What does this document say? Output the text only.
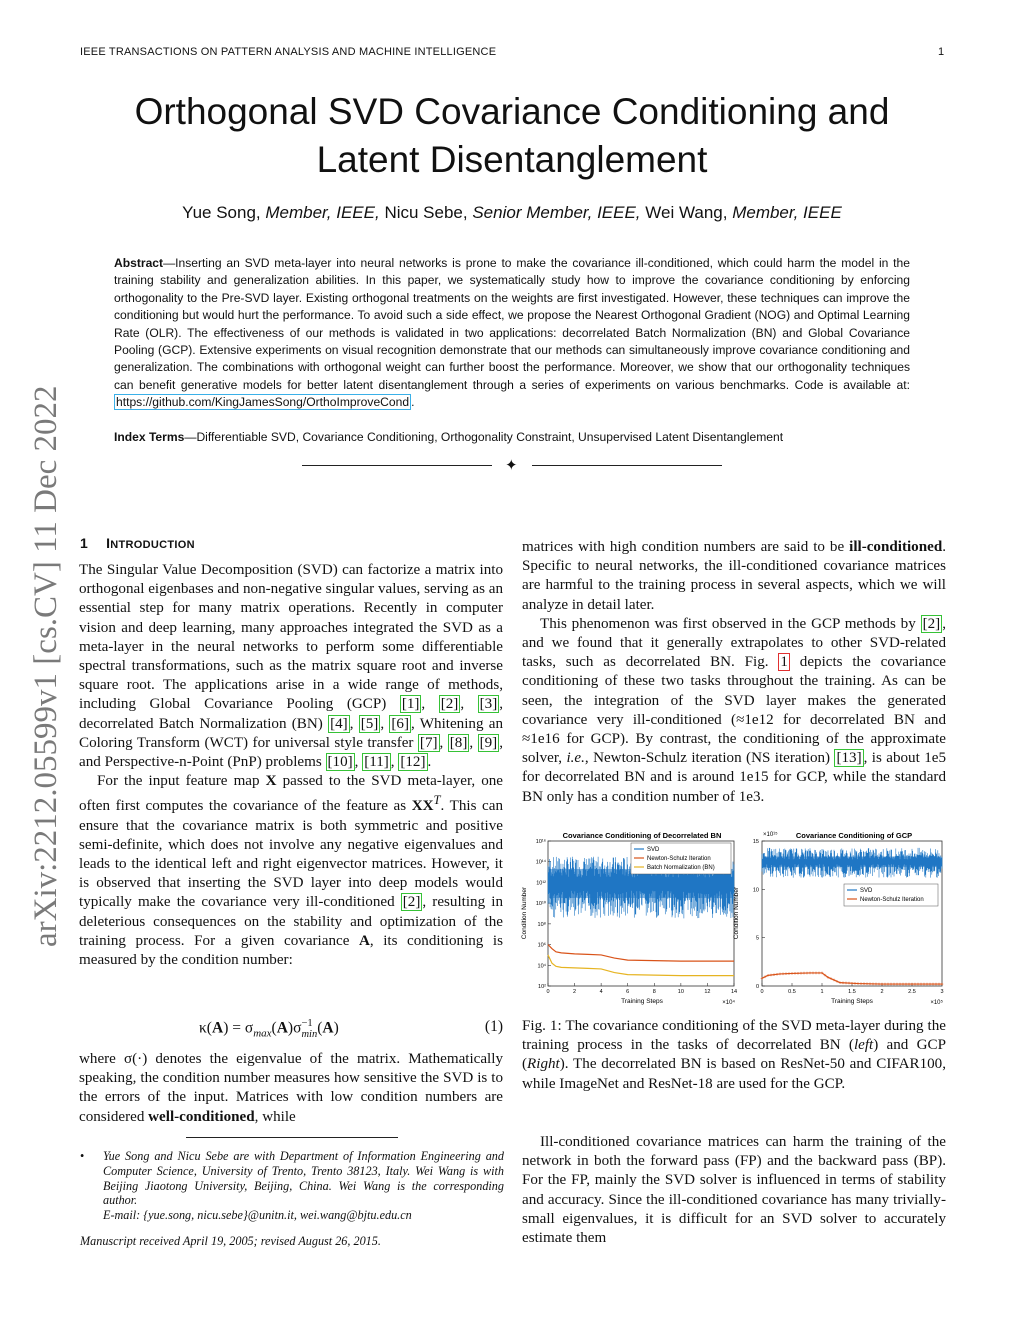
IEEE TRANSACTIONS ON PATTERN ANALYSIS AND MACHINE INTELLIGENCE	1
arXiv:2212.05599v1 [cs.CV] 11 Dec 2022
Orthogonal SVD Covariance Conditioning and
Latent Disentanglement
Yue Song, Member, IEEE, Nicu Sebe, Senior Member, IEEE, Wei Wang, Member, IEEE
Abstract—Inserting an SVD meta-layer into neural networks is prone to make the covariance ill-conditioned, which could harm the model in the training stability and generalization abilities. In this paper, we systematically study how to improve the covariance conditioning by enforcing orthogonality to the Pre-SVD layer. Existing orthogonal treatments on the weights are first investigated. However, these techniques can improve the conditioning but would hurt the performance. To avoid such a side effect, we propose the Nearest Orthogonal Gradient (NOG) and Optimal Learning Rate (OLR). The effectiveness of our methods is validated in two applications: decorrelated Batch Normalization (BN) and Global Covariance Pooling (GCP). Extensive experiments on visual recognition demonstrate that our methods can simultaneously improve covariance conditioning and generalization. The combinations with orthogonal weight can further boost the performance. Moreover, we show that our orthogonality techniques can benefit generative models for better latent disentanglement through a series of experiments on various benchmarks. Code is available at: https://github.com/KingJamesSong/OrthoImproveCond .
Index Terms—Differentiable SVD, Covariance Conditioning, Orthogonality Constraint, Unsupervised Latent Disentanglement
✦
1 INTRODUCTION

The Singular Value Decomposition (SVD) can factorize a matrix into orthogonal eigenbases and non-negative singular values, serving as an essential step for many matrix operations. Recently in computer vision and deep learning, many approaches integrated the SVD as a meta-layer in the neural networks to perform some differentiable spectral transformations, such as the matrix square root and inverse square root. The applications arise in a wide range of methods, including Global Covariance Pooling (GCP) [1] , [2] , [3] , decorrelated Batch Normalization (BN) [4] , [5] , [6] , Whitening an Coloring Transform (WCT) for universal style transfer [7] , [8] , [9] , and Perspective-n-Point (PnP) problems [10] , [11] , [12] .

For the input feature map X passed to the SVD meta-layer, one often first computes the covariance of the feature as $XX^T$. This can ensure that the covariance matrix is both symmetric and positive semi-definite, which does not involve any negative eigenvalues and leads to the identical left and right eigenvector matrices. However, it is observed that inserting the SVD layer into deep models would typically make the covariance very ill-conditioned [2] , resulting in deleterious consequences on the stability and optimization of the training process. For a given covariance A, its conditioning is measured by the condition number:

$\kappa(A) = \sigma_{max}(A)\sigma -1$
min (A)	(1)

where σ(·) denotes the eigenvalue of the matrix. Mathematically speaking, the condition number measures how sensitive the SVD is to the errors of the input. Matrices with low condition numbers are considered well-conditioned, while

• Yue Song and Nicu Sebe are with Department of Information Engineering and Computer Science, University of Trento, Trento 38123, Italy. Wei Wang is with Beijing Jiaotong University, Beijing, China. Wei Wang is the corresponding author.
E-mail: {yue.song, nicu.sebe}@unitn.it, wei.wang@bjtu.edu.cn
Manuscript received April 19, 2005; revised August 26, 2015.

matrices with high condition numbers are said to be ill-conditioned. Specific to neural networks, the ill-conditioned covariance matrices are harmful to the training process in several aspects, which we will analyze in detail later.

This phenomenon was first observed in the GCP methods by [2] , and we found that it generally extrapolates to other SVD-related tasks, such as decorrelated BN. Fig. 1 depicts the covariance conditioning of these two tasks throughout the training. As can be seen, the integration of the SVD layer makes the generated covariance very ill-conditioned (≈1e12 for decorrelated BN and ≈1e16 for GCP). By contrast, the conditioning of the approximate solver, i.e., Newton-Schulz iteration (NS iteration) [13] , is about 1e5 for decorrelated BN and is around 1e15 for GCP, while the standard BN only has a condition number of 1e3.

Covariance Conditioning of Decorrelated BN
10²
10⁴
10⁶
10⁸
10¹⁰
10¹²
10¹⁴
10¹⁶
0	2	4	6	8	10	12	14
Condition Number
Training Steps	×10⁴
SVD
Newton-Schulz Iteration
Batch Normalization (BN)
Covariance Conditioning of GCP
×10¹⁵
0
5
10
15
0	0.5	1	1.5	2	2.5	3
Condition Number
Training Steps	×10⁵
SVD
Newton-Schulz Iteration
Fig. 1: The covariance conditioning of the SVD meta-layer during the training process in the tasks of decorrelated BN (left) and GCP (Right). The decorrelated BN is based on ResNet-50 and CIFAR100, while ImageNet and ResNet-18 are used for the GCP.

Ill-conditioned covariance matrices can harm the training of the network in both the forward pass (FP) and the backward pass (BP). For the FP, mainly the SVD solver is influenced in terms of stability and accuracy. Since the ill-conditioned covariance has many trivially-small eigenvalues, it is difficult for an SVD solver to accurately estimate them
